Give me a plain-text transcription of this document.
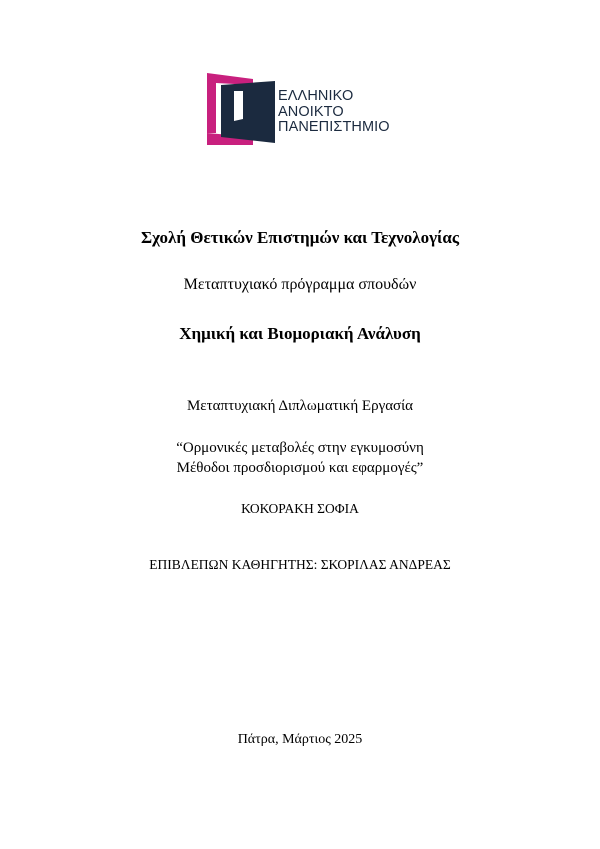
ΕΛΛΗΝΙΚΟ
ΑΝΟΙΚΤΟ
ΠΑΝΕΠΙΣΤΗΜΙΟ
Σχολή Θετικών Επιστημών και Τεχνολογίας
Μεταπτυχιακό πρόγραμμα σπουδών
Χημική και Βιομοριακή Ανάλυση
Μεταπτυχιακή Διπλωματική Εργασία
“Ορμονικές μεταβολές στην εγκυμοσύνη
Μέθοδοι προσδιορισμού και εφαρμογές”
ΚΟΚΟΡΑΚΗ ΣΟΦΙΑ
ΕΠΙΒΛΕΠΩΝ ΚΑΘΗΓΗΤΗΣ: ΣΚΟΡΙΛΑΣ ΑΝΔΡΕΑΣ
Πάτρα, Μάρτιος 2025
